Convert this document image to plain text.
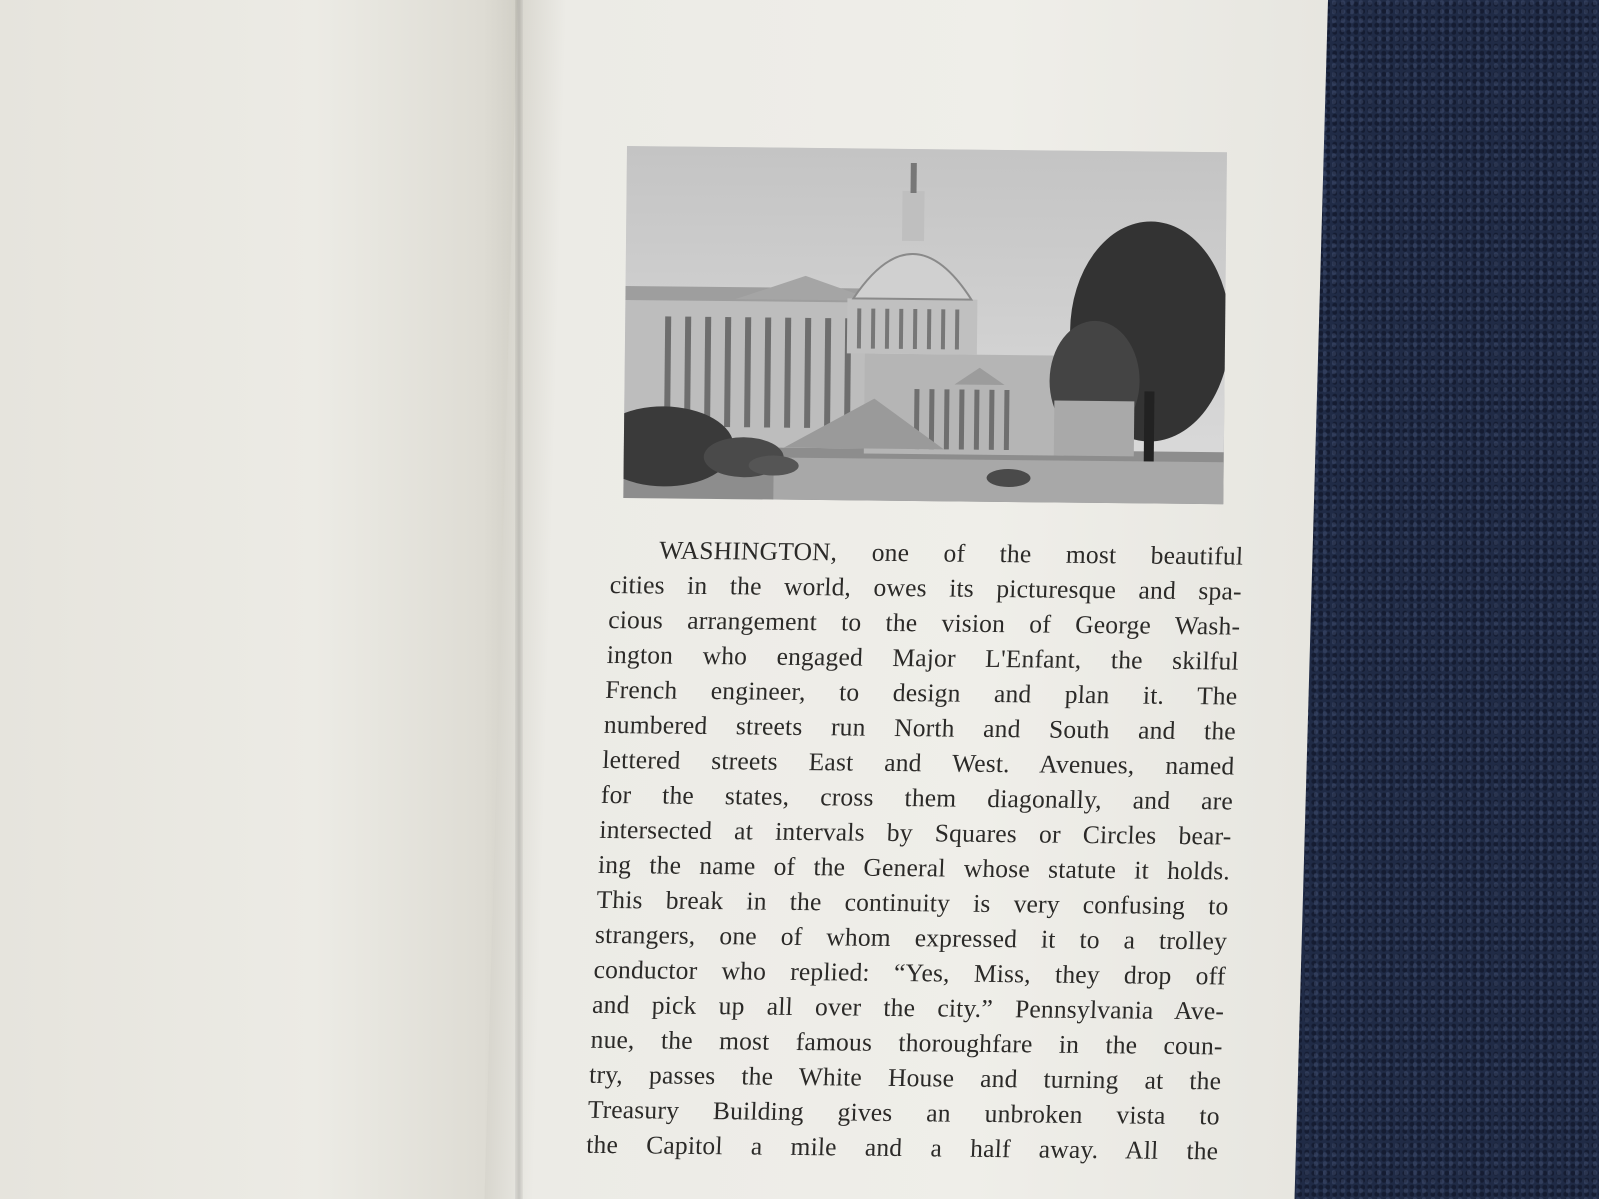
WASHINGTON, one of the most beautiful
cities in the world, owes its picturesque and spa-
cious arrangement to the vision of George Wash-
ington who engaged Major L'Enfant, the skilful
French engineer, to design and plan it. The
numbered streets run North and South and the
lettered streets East and West. Avenues, named
for the states, cross them diagonally, and are
intersected at intervals by Squares or Circles bear-
ing the name of the General whose statute it holds.
This break in the continuity is very confusing to
strangers, one of whom expressed it to a trolley
conductor who replied: “Yes, Miss, they drop off
and pick up all over the city.” Pennsylvania Ave-
nue, the most famous thoroughfare in the coun-
try, passes the White House and turning at the
Treasury Building gives an unbroken vista to
the Capitol a mile and a half away. All the
